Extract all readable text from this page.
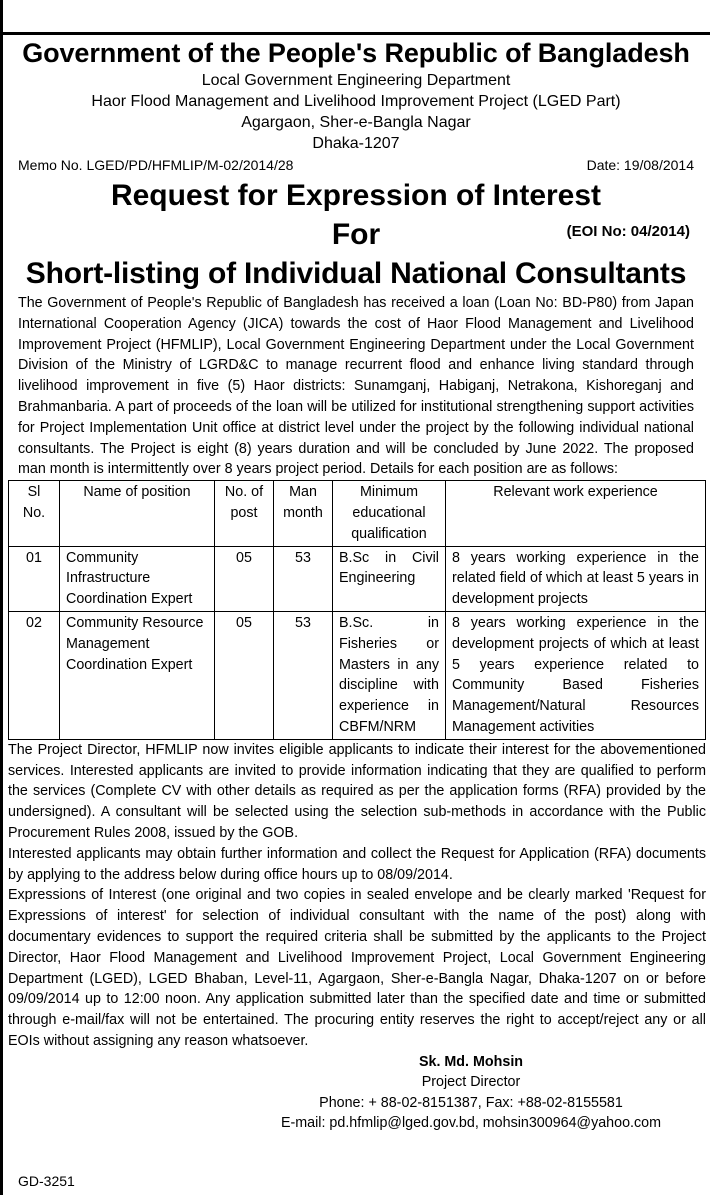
Government of the People's Republic of Bangladesh
Local Government Engineering Department
Haor Flood Management and Livelihood Improvement Project (LGED Part)
Agargaon, Sher-e-Bangla Nagar
Dhaka-1207
Memo No. LGED/PD/HFMLIP/M-02/2014/28	Date: 19/08/2014
Request for Expression of Interest
For	(EOI No: 04/2014)
Short-listing of Individual National Consultants

The Government of People's Republic of Bangladesh has received a loan (Loan No: BD-P80) from Japan International Cooperation Agency (JICA) towards the cost of Haor Flood Management and Livelihood Improvement Project (HFMLIP), Local Government Engineering Department under the Local Government Division of the Ministry of LGRD&C to manage recurrent flood and enhance living standard through livelihood improvement in five (5) Haor districts: Sunamganj, Habiganj, Netrakona, Kishoreganj and Brahmanbaria. A part of proceeds of the loan will be utilized for institutional strengthening support activities for Project Implementation Unit office at district level under the project by the following individual national consultants. The Project is eight (8) years duration and will be concluded by June 2022. The proposed man month is intermittently over 8 years project period. Details for each position are as follows:

Sl No.	Name of position	No. of post	Man month	Minimum educational qualification	Relevant work experience
01	Community Infrastructure Coordination Expert	05	53	B.Sc in Civil Engineering	8 years working experience in the related field of which at least 5 years in development projects
02	Community Resource Management Coordination Expert	05	53	B.Sc. in Fisheries or Masters in any discipline with experience in CBFM/NRM	8 years working experience in the development projects of which at least 5 years experience related to Community Based Fisheries Management/Natural Resources Management activities

The Project Director, HFMLIP now invites eligible applicants to indicate their interest for the abovementioned services. Interested applicants are invited to provide information indicating that they are qualified to perform the services (Complete CV with other details as required as per the application forms (RFA) provided by the undersigned). A consultant will be selected using the selection sub-methods in accordance with the Public Procurement Rules 2008, issued by the GOB.

Interested applicants may obtain further information and collect the Request for Application (RFA) documents by applying to the address below during office hours up to 08/09/2014.

Expressions of Interest (one original and two copies in sealed envelope and be clearly marked 'Request for Expressions of interest' for selection of individual consultant with the name of the post) along with documentary evidences to support the required criteria shall be submitted by the applicants to the Project Director, Haor Flood Management and Livelihood Improvement Project, Local Government Engineering Department (LGED), LGED Bhaban, Level-11, Agargaon, Sher-e-Bangla Nagar, Dhaka-1207 on or before 09/09/2014 up to 12:00 noon. Any application submitted later than the specified date and time or submitted through e-mail/fax will not be entertained. The procuring entity reserves the right to accept/reject any or all EOIs without assigning any reason whatsoever.

Sk. Md. Mohsin
Project Director
Phone: + 88-02-8151387, Fax: +88-02-8155581
E-mail: pd.hfmlip@lged.gov.bd, mohsin300964@yahoo.com
GD-3251
